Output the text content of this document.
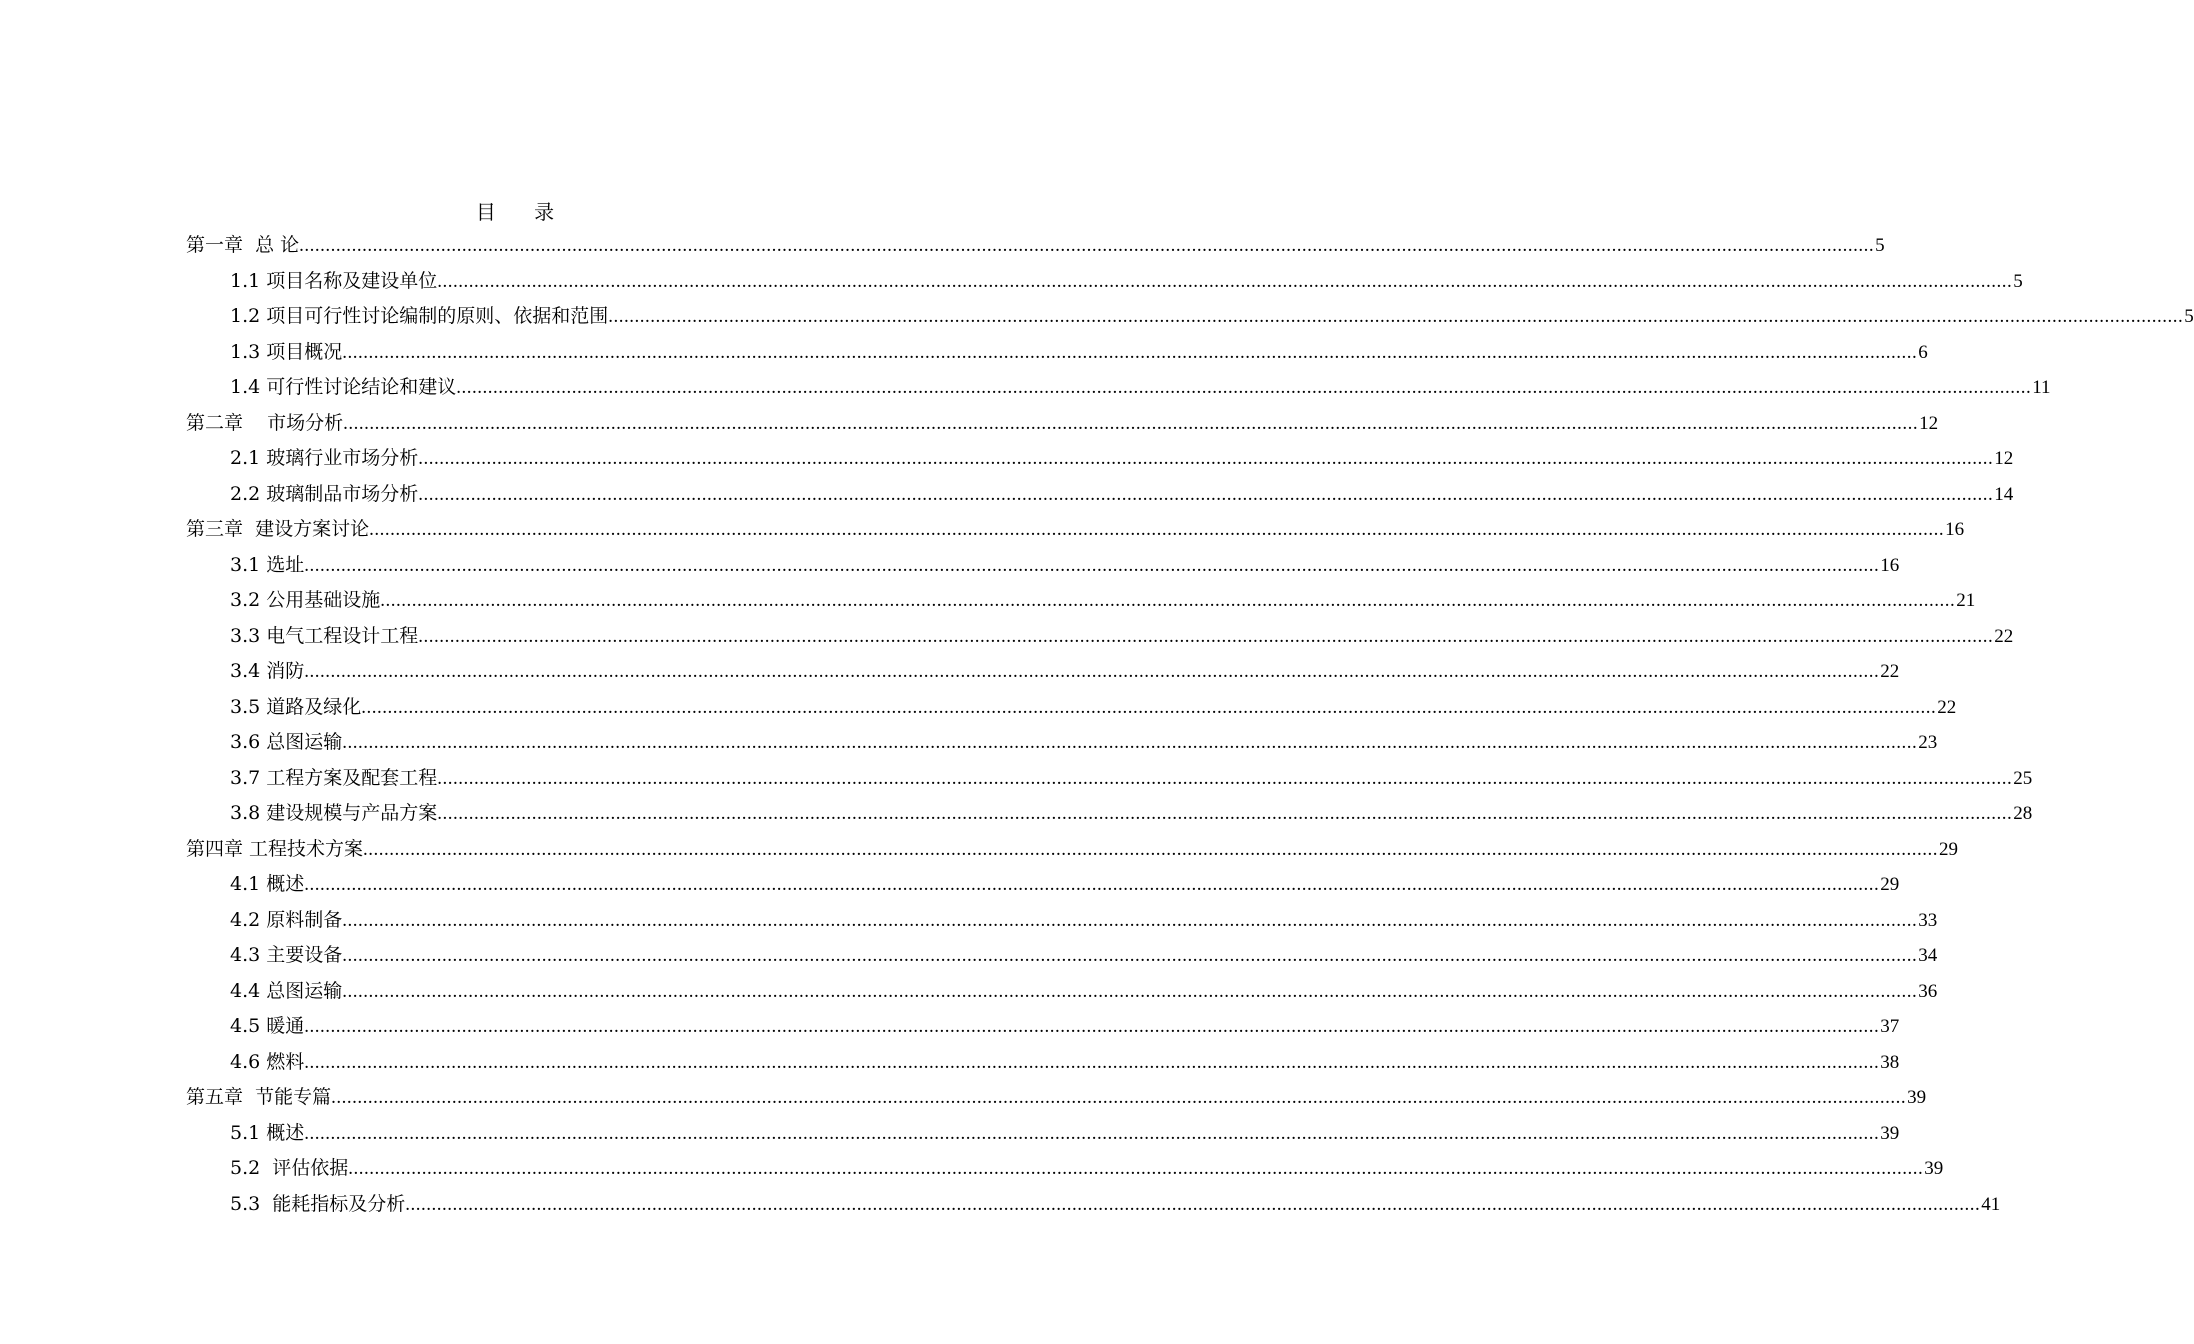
目      录
第一章  总 论 ............................................................................................................................................................................................................................................................................................................ 5
1.1 项目名称及建设单位 ............................................................................................................................................................................................................................................................................................................ 5
1.2 项目可行性讨论编制的原则、依据和范围 ............................................................................................................................................................................................................................................................................................................ 5
1.3 项目概况 ............................................................................................................................................................................................................................................................................................................ 6
1.4 可行性讨论结论和建议 ............................................................................................................................................................................................................................................................................................................ 11
第二章    市场分析 ............................................................................................................................................................................................................................................................................................................ 12
2.1 玻璃行业市场分析 ............................................................................................................................................................................................................................................................................................................ 12
2.2 玻璃制品市场分析 ............................................................................................................................................................................................................................................................................................................ 14
第三章  建设方案讨论 ............................................................................................................................................................................................................................................................................................................ 16
3.1 选址 ............................................................................................................................................................................................................................................................................................................ 16
3.2 公用基础设施 ............................................................................................................................................................................................................................................................................................................ 21
3.3 电气工程设计工程 ............................................................................................................................................................................................................................................................................................................ 22
3.4 消防 ............................................................................................................................................................................................................................................................................................................ 22
3.5 道路及绿化 ............................................................................................................................................................................................................................................................................................................ 22
3.6 总图运输 ............................................................................................................................................................................................................................................................................................................ 23
3.7 工程方案及配套工程 ............................................................................................................................................................................................................................................................................................................ 25
3.8 建设规模与产品方案 ............................................................................................................................................................................................................................................................................................................ 28
第四章 工程技术方案 ............................................................................................................................................................................................................................................................................................................ 29
4.1 概述 ............................................................................................................................................................................................................................................................................................................ 29
4.2 原料制备 ............................................................................................................................................................................................................................................................................................................ 33
4.3 主要设备 ............................................................................................................................................................................................................................................................................................................ 34
4.4 总图运输 ............................................................................................................................................................................................................................................................................................................ 36
4.5 暖通 ............................................................................................................................................................................................................................................................................................................ 37
4.6 燃料 ............................................................................................................................................................................................................................................................................................................ 38
第五章  节能专篇 ............................................................................................................................................................................................................................................................................................................ 39
5.1 概述 ............................................................................................................................................................................................................................................................................................................ 39
5.2  评估依据 ............................................................................................................................................................................................................................................................................................................ 39
5.3  能耗指标及分析 ............................................................................................................................................................................................................................................................................................................ 41
